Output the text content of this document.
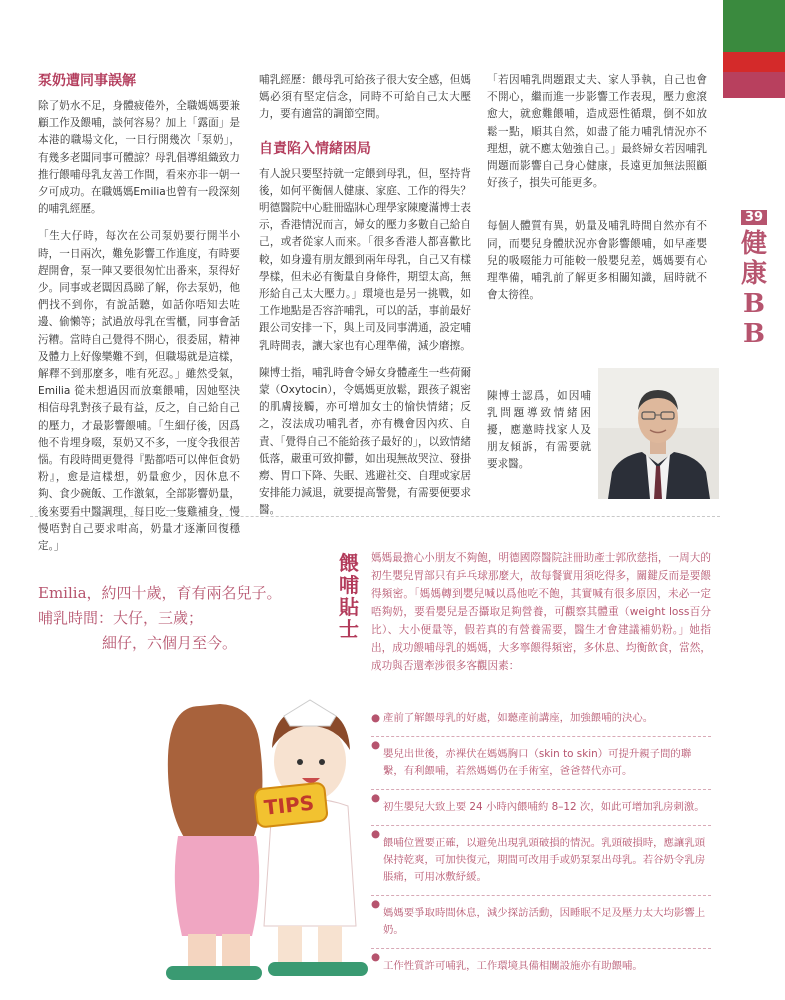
39
健
康
B
B
泵奶遭同事誤解

除了奶水不足，身體疲倦外，全職媽媽要兼顧工作及餵哺，談何容易？加上「露面」是本港的職場文化，一日行開幾次「泵奶」，有幾多老闆同事可體諒？母乳倡導組織致力推行餵哺母乳友善工作間，看來亦非一朝一夕可成功。在職媽媽Emilia也曾有一段深刻的哺乳經歷。

「生大仔時，每次在公司泵奶要行開半小時，一日兩次，難免影響工作進度，有時要趕開會，泵一陣又要很匆忙出番來，泵得好少。同事或老闆因爲睇了解，你去泵奶，他們找不到你，有說話聽，如話你唔知去咗邊、偷懶等；試過放母乳在雪櫃，同事會話污糟。當時自己覺得不開心，很委屈，精神及體力上好像樂難不到，但職場就是這樣，解釋不到那麼多，唯有死忍。」雖然受氣，Emilia 從未想過因而放棄餵哺，因她堅決相信母乳對孩子最有益，反之，自己給自己的壓力，才最影響餵哺。「生細仔後，因爲他不肯埋身啜，泵奶又不多，一度令我很苦惱。有段時間更覺得『點都唔可以俾佢食奶粉』，愈是這樣想，奶量愈少，因休息不夠、食少碗飯、工作激氣，全部影響奶量，後來要看中醫調理，每日吃一隻雞補身，慢慢唔對自己要求咁高，奶量才逐漸回復穩定。」

哺乳經歷：餵母乳可給孩子很大安全感，但媽媽必須有堅定信念，同時不可給自己太大壓力，要有適當的調節空間。

自責陷入情緒困局

有人說只要堅持就一定餵到母乳，但，堅持背後，如何平衡個人健康、家庭、工作的得失？明德醫院中心駐冊臨牀心理學家陳慶滿博士表示，香港情況而言，婦女的壓力多數自己給自己，或者從家人而來。「很多香港人都喜歡比較，如身邊有朋友餵到兩年母乳，自己又有樣學樣，但未必有衡量自身條件，期望太高，無形給自己太大壓力。」環境也是另一挑戰，如工作地點是否容許哺乳，可以的話，事前最好跟公司安排一下，與上司及同事溝通，設定哺乳時間表，讓大家也有心理準備，減少磨擦。

陳博士指，哺乳時會令婦女身體產生一些荷爾蒙（Oxytocin），令媽媽更放鬆，跟孩子親密的肌膚接觸，亦可增加女士的愉快情緒；反之，沒法成功哺乳者，亦有機會因內疚、自責、「覺得自己不能給孩子最好的」，以致情緒低落，嚴重可致抑鬱，如出現無故哭泣、發掛癆、胃口下降、失眠、逃避社交、自理或家居安排能力減退，就要提高警覺，有需要便要求醫。

「若因哺乳問題跟丈夫、家人爭執，自己也會不開心，繼而進一步影響工作表現，壓力愈滾愈大，就愈難餵哺，造成惡性循環，倒不如放鬆一點，順其自然，如盡了能力哺乳情況亦不理想，就不應太勉強自己。」最終婦女若因哺乳問題而影響自己身心健康，長遠更加無法照顧好孩子，損失可能更多。

每個人體質有異，奶量及哺乳時間自然亦有不同，而嬰兒身體狀況亦會影響餵哺，如早產嬰兒的吸啜能力可能較一般嬰兒差，媽媽要有心理準備，哺乳前了解更多相關知識，屆時就不會太徬徨。

陳博士認爲，如因哺乳問題導致情緒困擾，應邀時找家人及朋友傾訴，有需要就要求醫。
餵
哺
貼
士

媽媽最擔心小朋友不夠飽，明德國際醫院註冊助產士郭欣慈指，一周大的初生嬰兒胃部只有乒乓球那麼大，故每餐實用須吃得多，關鍵反而是要餵得頻密。「媽媽轉到嬰兒喊以爲他吃不飽，其實喊有很多原因，未必一定唔夠奶，要看嬰兒是否攝取足夠營養，可觀察其體重（weight loss百分比）、大小便量等，假若真的有營養需要，醫生才會建議補奶粉。」她指出，成功餵哺母乳的媽媽，大多寧餵得頻密，多休息、均衡飲食，當然，成功與否還牽涉很多客觀因素：

● 產前了解餵母乳的好處，如聽產前講座，加強餵哺的決心。
●
嬰兒出世後，赤裸伏在媽媽胸口（skin to skin）可提升親子間的聯繫，有利餵哺，若然媽媽仍在手術室，爸爸替代亦可。
●
初生嬰兒大致上要 24 小時內餵哺約 8–12 次，如此可增加乳房刺激。
●
餵哺位置要正確，以避免出現乳頭破損的情況。乳頭破損時，應讓乳頭保持乾爽，可加快復元，期間可改用手或奶泵泵出母乳。若谷奶令乳房脹痛，可用冰敷紓緩。
●
媽媽要爭取時間休息，減少探訪活動，因睡眠不足及壓力太大均影響上奶。
●
工作性質許可哺乳，工作環境具備相關設施亦有助餵哺。
Emilia，約四十歲，育有兩名兒子。
哺乳時間：大仔，三歲；
細仔，六個月至今。
TIPS
